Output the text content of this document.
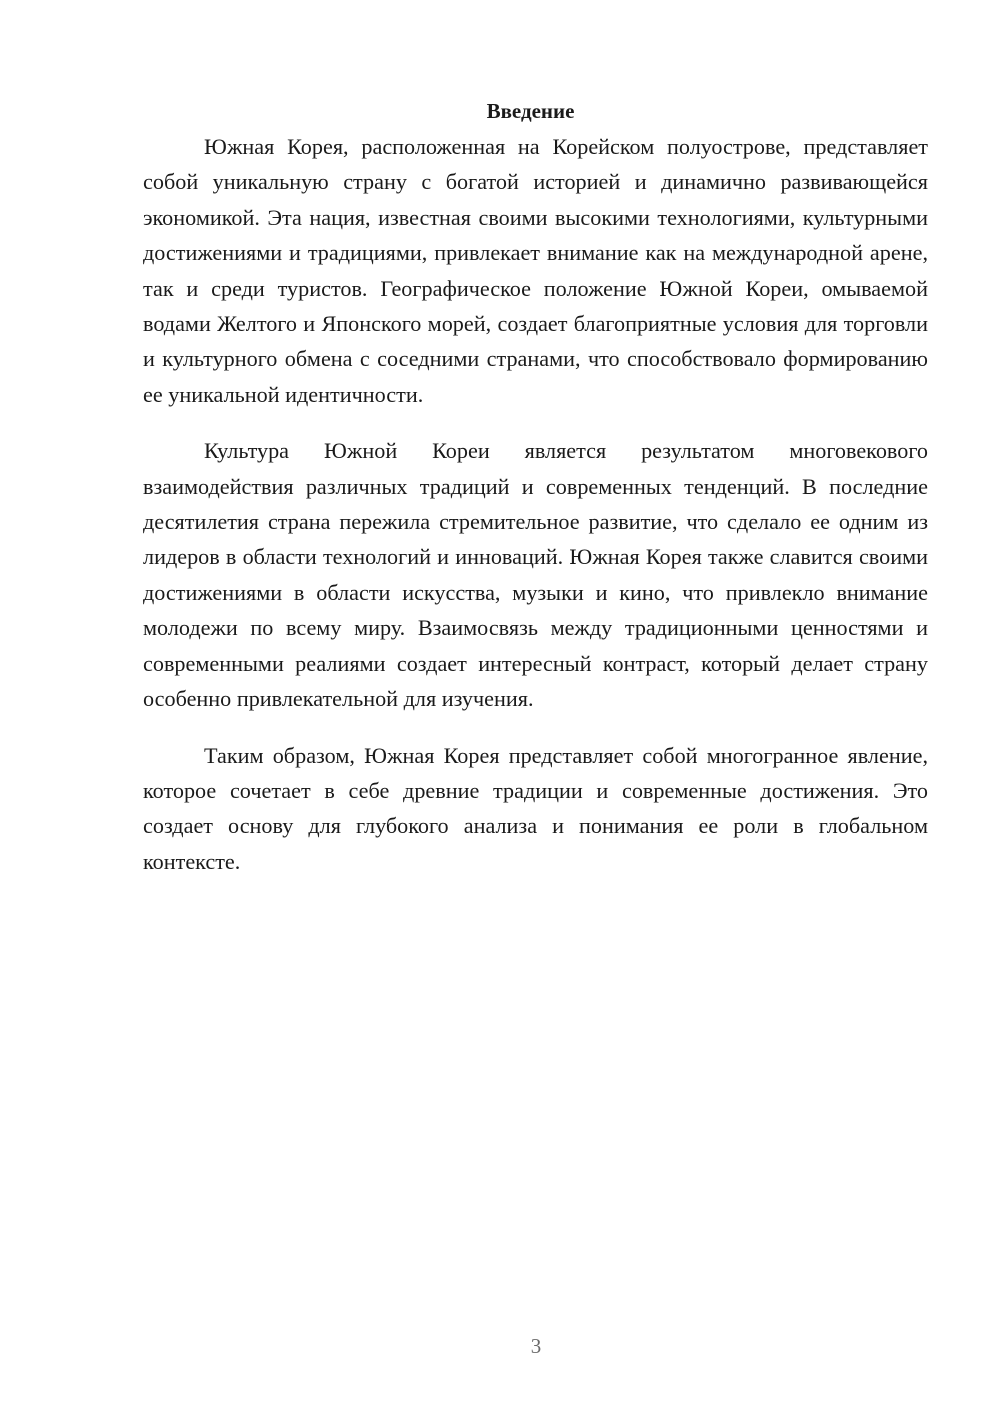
Введение

Южная Корея, расположенная на Корейском полуострове, представляет собой уникальную страну с богатой историей и динамично развивающейся экономикой. Эта нация, известная своими высокими технологиями, культурными достижениями и традициями, привлекает внимание как на международной арене, так и среди туристов. Географическое положение Южной Кореи, омываемой водами Желтого и Японского морей, создает благоприятные условия для торговли и культурного обмена с соседними странами, что способствовало формированию ее уникальной идентичности.

Культура Южной Кореи является результатом многовекового взаимодействия различных традиций и современных тенденций. В последние десятилетия страна пережила стремительное развитие, что сделало ее одним из лидеров в области технологий и инноваций. Южная Корея также славится своими достижениями в области искусства, музыки и кино, что привлекло внимание молодежи по всему миру. Взаимосвязь между традиционными ценностями и современными реалиями создает интересный контраст, который делает страну особенно привлекательной для изучения.

Таким образом, Южная Корея представляет собой многогранное явление, которое сочетает в себе древние традиции и современные достижения. Это создает основу для глубокого анализа и понимания ее роли в глобальном контексте.

3
